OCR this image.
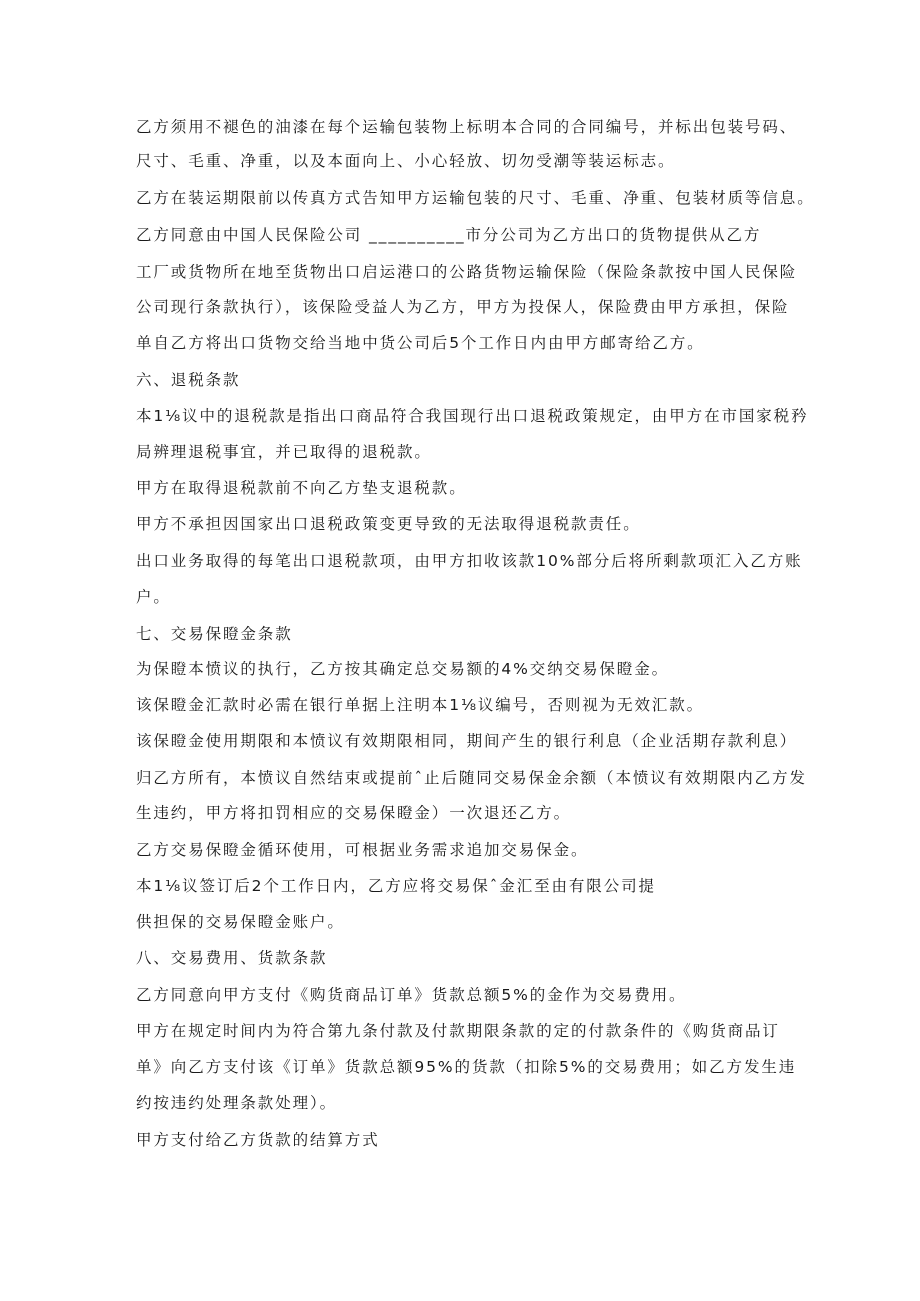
乙方须用不褪色的油漆在每个运输包装物上标明本合同的合同编号，并标出包装号码、
尺寸、毛重、净重，以及本面向上、小心轻放、切勿受潮等装运标志。
乙方在装运期限前以传真方式告知甲方运输包装的尺寸、毛重、净重、包装材质等信息。
乙方同意由中国人民保险公司 __________市分公司为乙方出口的货物提供从乙方
工厂或货物所在地至货物出口启运港口的公路货物运输保险（保险条款按中国人民保险
公司现行条款执行），该保险受益人为乙方，甲方为投保人，保险费由甲方承担，保险
单自乙方将出口货物交给当地中货公司后5个工作日内由甲方邮寄给乙方。
六、退税条款
本1⅛议中的退税款是指出口商品符合我国现行出口退税政策规定，由甲方在市国家税矜
局辨理退税事宜，并已取得的退税款。
甲方在取得退税款前不向乙方垫支退税款。
甲方不承担因国家出口退税政策变更导致的无法取得退税款责任。
出口业务取得的每笔出口退税款项，由甲方扣收该款10%部分后将所剩款项汇入乙方账
户。
七、交易保瞪金条款
为保瞪本愤议的执行，乙方按其确定总交易额的4%交纳交易保瞪金。
该保瞪金汇款时必需在银行单据上注明本1⅛议编号，否则视为无效汇款。
该保瞪金使用期限和本愤议有效期限相同，期间产生的银行利息（企业活期存款利息）
归乙方所有，本愤议自然结束或提前ˆ止后随同交易保金余额（本愤议有效期限内乙方发
生违约，甲方将扣罚相应的交易保瞪金）一次退还乙方。
乙方交易保瞪金循环使用，可根据业务需求追加交易保金。
本1⅛议签订后2个工作日内，乙方应将交易保ˆ金汇至由有限公司提
供担保的交易保瞪金账户。
八、交易费用、货款条款
乙方同意向甲方支付《购货商品订单》货款总额5%的金作为交易费用。
甲方在规定时间内为符合第九条付款及付款期限条款的定的付款条件的《购货商品订
单》向乙方支付该《订单》货款总额95%的货款（扣除5%的交易费用；如乙方发生违
约按违约处理条款处理）。
甲方支付给乙方货款的结算方式
